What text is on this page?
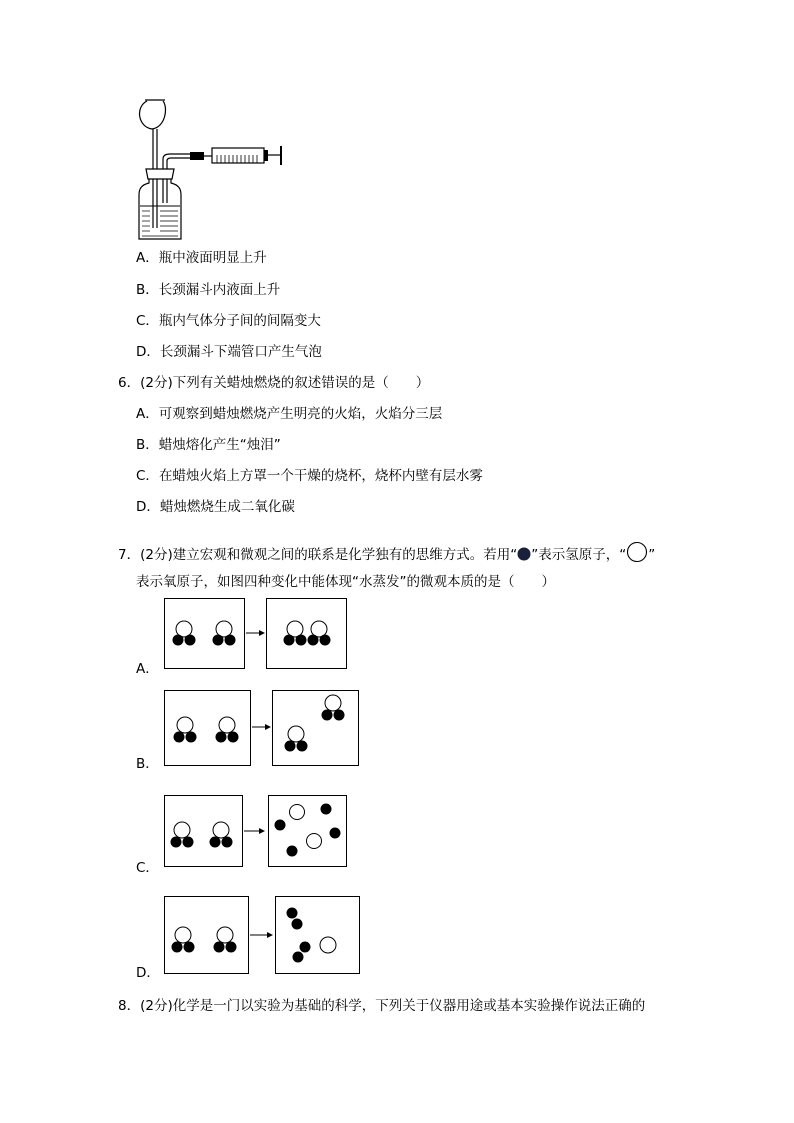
A．瓶中液面明显上升
B．长颈漏斗内液面上升
C．瓶内气体分子间的间隔变大
D．长颈漏斗下端管口产生气泡
6．(2分)下列有关蜡烛燃烧的叙述错误的是（　　）
A．可观察到蜡烛燃烧产生明亮的火焰，火焰分三层
B．蜡烛熔化产生“烛泪”
C．在蜡烛火焰上方罩一个干燥的烧杯，烧杯内壁有层水雾
D．蜡烛燃烧生成二氧化碳
7．(2分)建立宏观和微观之间的联系是化学独有的思维方式。若用“ ”表示氢原子，“ ”
表示氧原子，如图四种变化中能体现“水蒸发”的微观本质的是（　　）
A．
B．
C．
D．
8．(2分)化学是一门以实验为基础的科学，下列关于仪器用途或基本实验操作说法正确的
